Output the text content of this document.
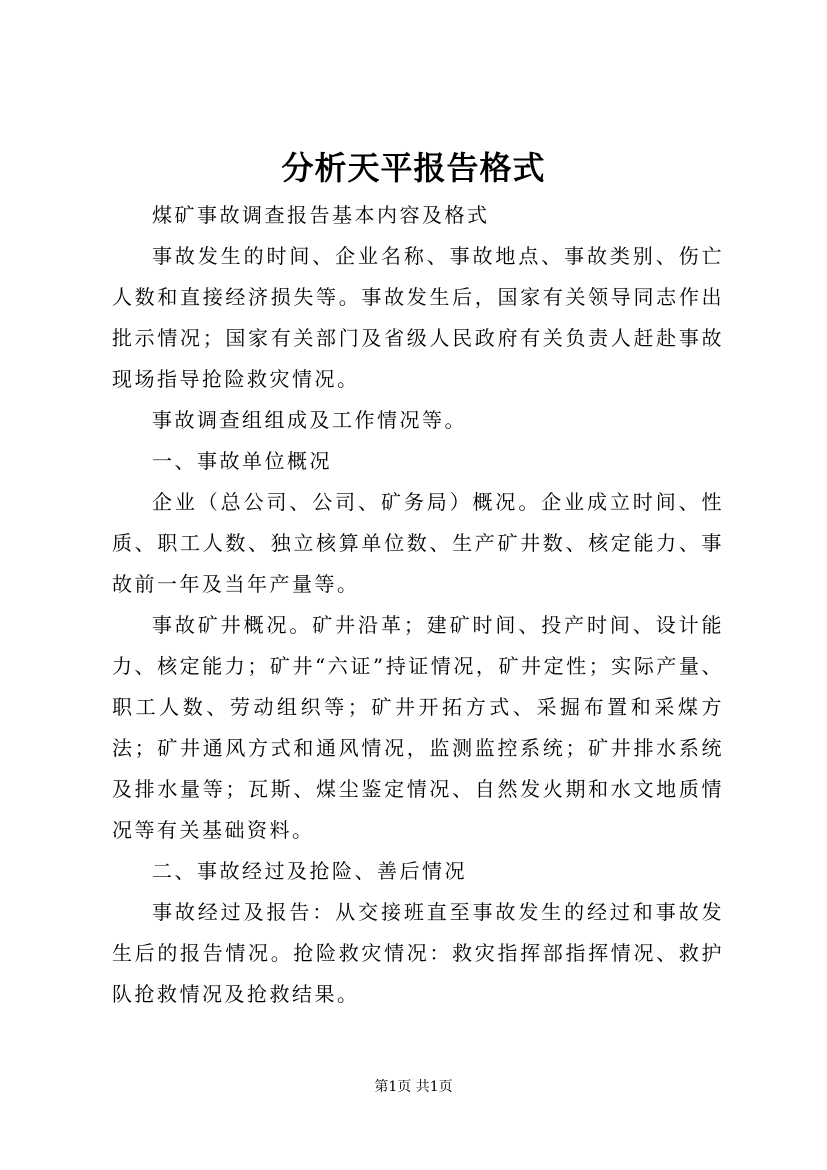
分析天平报告格式

煤矿事故调查报告基本内容及格式

事故发生的时间、企业名称、事故地点、事故类别、伤亡人数和直接经济损失等。事故发生后，国家有关领导同志作出批示情况；国家有关部门及省级人民政府有关负责人赶赴事故现场指导抢险救灾情况。

事故调查组组成及工作情况等。

一、事故单位概况

企业（总公司、公司、矿务局）概况。企业成立时间、性质、职工人数、独立核算单位数、生产矿井数、核定能力、事故前一年及当年产量等。

事故矿井概况。矿井沿革；建矿时间、投产时间、设计能力、核定能力；矿井“六证”持证情况，矿井定性；实际产量、职工人数、劳动组织等；矿井开拓方式、采掘布置和采煤方法；矿井通风方式和通风情况，监测监控系统；矿井排水系统及排水量等；瓦斯、煤尘鉴定情况、自然发火期和水文地质情况等有关基础资料。

二、事故经过及抢险、善后情况

事故经过及报告：从交接班直至事故发生的经过和事故发生后的报告情况。抢险救灾情况：救灾指挥部指挥情况、救护队抢救情况及抢救结果。

第1页 共1页
